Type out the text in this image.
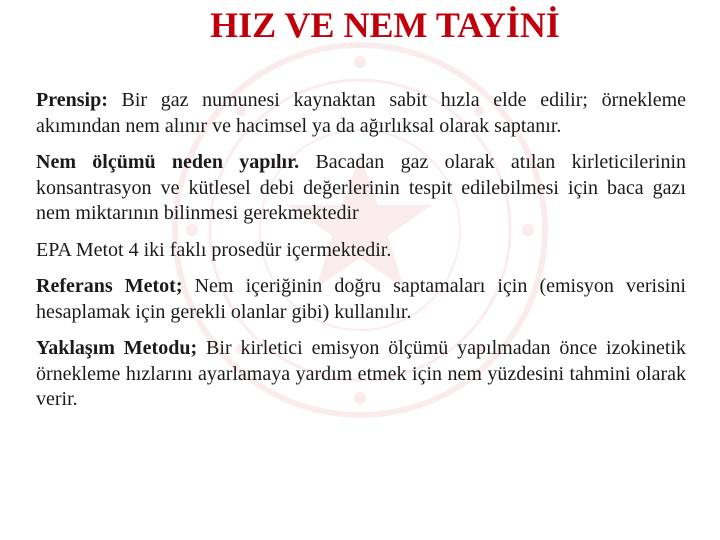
HIZ VE NEM TAYİNİ

Prensip: Bir gaz numunesi kaynaktan sabit hızla elde edilir; örnekleme akımından nem alınır ve hacimsel ya da ağırlıksal olarak saptanır.

Nem ölçümü neden yapılır. Bacadan gaz olarak atılan kirleticilerinin konsantrasyon ve kütlesel debi değerlerinin tespit edilebilmesi için baca gazı nem miktarının bilinmesi gerekmektedir

EPA Metot 4 iki faklı prosedür içermektedir.

Referans Metot; Nem içeriğinin doğru saptamaları için (emisyon verisini hesaplamak için gerekli olanlar gibi) kullanılır.

Yaklaşım Metodu; Bir kirletici emisyon ölçümü yapılmadan önce izokinetik örnekleme hızlarını ayarlamaya yardım etmek için nem yüzdesini tahmini olarak verir.
